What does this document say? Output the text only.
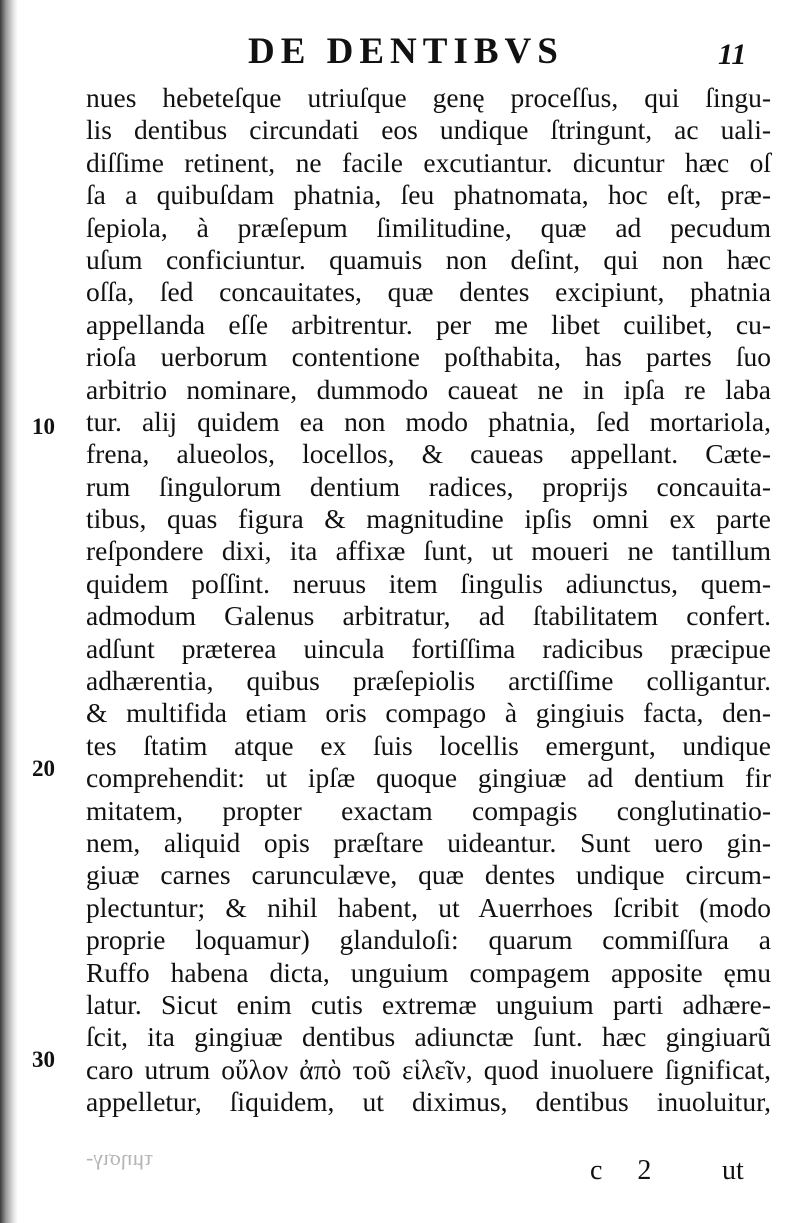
DE DENTIBVS	11
10
20
30
nues hebeteſque utriuſque genę proceſſus, qui ſingu-
lis dentibus circundati eos undique ſtringunt, ac uali-
diſſime retinent, ne facile excutiantur. dicuntur hæc oſ
ſa a quibuſdam phatnia, ſeu phatnomata, hoc eſt, præ-
ſepiola, à præſepum ſimilitudine, quæ ad pecudum
uſum conficiuntur. quamuis non deſint, qui non hæc
oſſa, ſed concauitates, quæ dentes excipiunt, phatnia
appellanda eſſe arbitrentur. per me libet cuilibet, cu-
rioſa uerborum contentione poſthabita, has partes ſuo
arbitrio nominare, dummodo caueat ne in ipſa re laba
tur. alij quidem ea non modo phatnia, ſed mortariola,
frena, alueolos, locellos, & caueas appellant. Cæte-
rum ſingulorum dentium radices, proprijs concauita-
tibus, quas figura & magnitudine ipſis omni ex parte
reſpondere dixi, ita affixæ ſunt, ut moueri ne tantillum
quidem poſſint. neruus item ſingulis adiunctus, quem-
admodum Galenus arbitratur, ad ſtabilitatem confert.
adſunt præterea uincula fortiſſima radicibus præcipue
adhærentia, quibus præſepiolis arctiſſime colligantur.
& multifida etiam oris compago à gingiuis facta, den-
tes ſtatim atque ex ſuis locellis emergunt, undique
comprehendit: ut ipſæ quoque gingiuæ ad dentium fir
mitatem, propter exactam compagis conglutinatio-
nem, aliquid opis præſtare uideantur. Sunt uero gin-
giuæ carnes carunculæve, quæ dentes undique circum-
plectuntur; & nihil habent, ut Auerrhoes ſcribit (modo
proprie loquamur) glanduloſi: quarum commiſſura a
Ruffo habena dicta, unguium compagem apposite ęmu
latur. Sicut enim cutis extremæ unguium parti adhære-
ſcit, ita gingiuæ dentibus adiunctæ ſunt. hæc gingiuarũ
caro utrum οὔλον ἀπὸ τοῦ εἱλεῖν, quod inuoluere ſignificat,
appelletur, ſiquidem, ut diximus, dentibus inuoluitur,
τμησιγ-	c 2	ut
